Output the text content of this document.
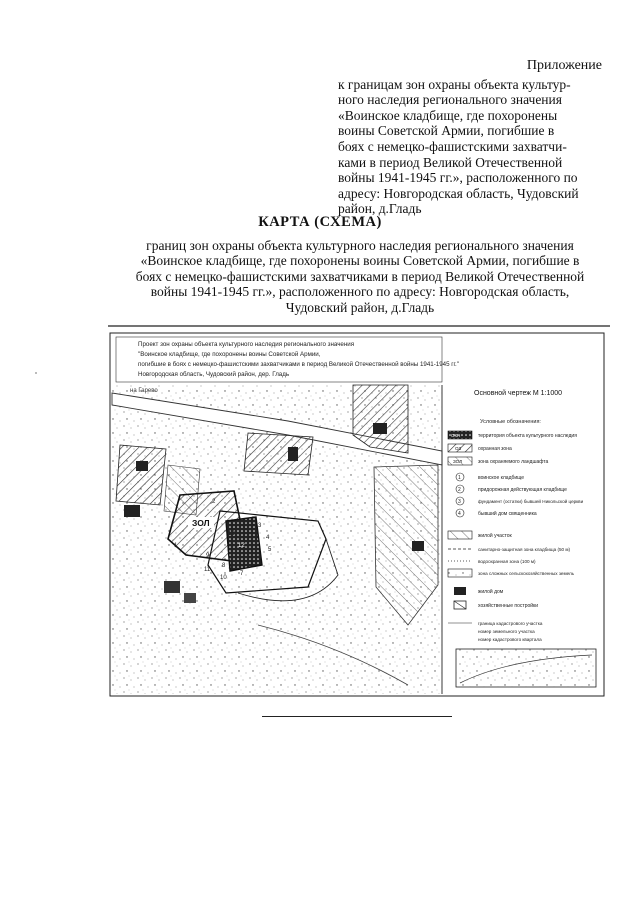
Приложение
к границам зон охраны объекта культур-
ного наследия регионального значения
«Воинское кладбище, где похоронены
воины Советской Армии, погибшие в
боях с немецко-фашистскими захватчи-
ками в период Великой Отечественной
войны 1941-1945 гг.», расположенного по
адресу: Новгородская область, Чудовский
район, д.Гладь
КАРТА (СХЕМА)
границ зон охраны объекта культурного наследия регионального значения
«Воинское кладбище, где похоронены воины Советской Армии, погибшие в
боях с немецко-фашистскими захватчиками в период Великой Отечественной
войны 1941-1945 гг.», расположенного по адресу: Новгородская область,
Чудовский район, д.Гладь
Проект зон охраны объекта культурного наследия регионального значения
"Воинское кладбище, где похоронены воины Советской Армии,
погибшие в боях с немецко-фашистскими захватчиками в период Великой Отечественной войны 1941-1945 гг."
Новгородская область, Чудовский район, дер. Гладь
на Гарево
ЗОЛ
1
2
3
4
5
6
7
8
9
10
11
12
13
Основной чертеж М 1:1000
Условные обозначения:
ОКН	территория объекта культурного наследия
ОЗ	охранная зона
ЗОЛ	зона охраняемого ландшафта
1	воинское кладбище
2	придорожная действующая кладбище
3	фундамент (остатки) бывшей Никольской церкви
4	бывший дом священника
жилой участок
санитарно-защитная зона кладбища (50 м)
водоохранная зона (100 м)
зона сложных сельскохозяйственных земель
жилой дом
хозяйственные постройки
граница кадастрового участка
номер земельного участка
номер кадастрового квартала
